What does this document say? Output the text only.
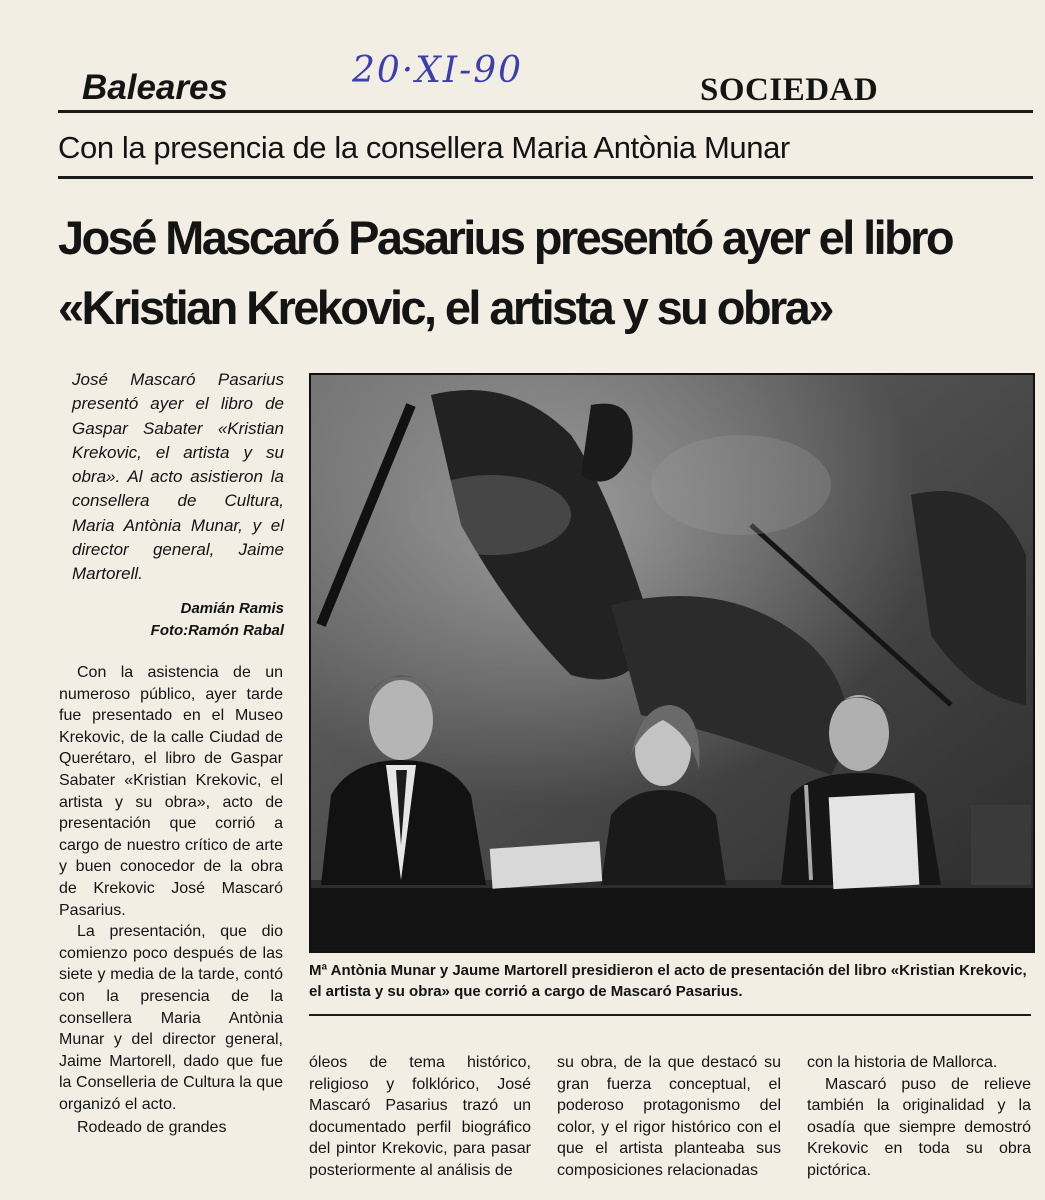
Baleares	20·XI-90	SOCIEDAD
Con la presencia de la consellera Maria Antònia Munar
José Mascaró Pasarius presentó ayer el libro
«Kristian Krekovic, el artista y su obra»
José Mascaró Pasarius presentó ayer el libro de Gaspar Sabater «Kristian Krekovic, el artista y su obra». Al acto asistieron la consellera de Cultura, Maria Antònia Munar, y el director general, Jaime Martorell.
Damián Ramis
Foto:Ramón Rabal

Con la asistencia de un numeroso público, ayer tarde fue presentado en el Museo Krekovic, de la calle Ciudad de Querétaro, el libro de Gaspar Sabater «Kristian Krekovic, el artista y su obra», acto de presentación que corrió a cargo de nuestro crítico de arte y buen conocedor de la obra de Krekovic José Mascaró Pasarius.

La presentación, que dio comienzo poco después de las siete y media de la tarde, contó con la presencia de la consellera Maria Antònia Munar y del director general, Jaime Martorell, dado que fue la Conselleria de Cultura la que organizó el acto.

Rodeado de grandes

Mª Antònia Munar y Jaume Martorell presidieron el acto de presentación del libro «Kristian Krekovic, el artista y su obra» que corrió a cargo de Mascaró Pasarius.

óleos de tema histórico, religioso y folklórico, José Mascaró Pasarius trazó un documentado perfil biográfico del pintor Krekovic, para pasar posteriormente al análisis de

su obra, de la que destacó su gran fuerza conceptual, el poderoso protagonismo del color, y el rigor histórico con el que el artista planteaba sus composiciones relacionadas

con la historia de Mallorca.

Mascaró puso de relieve también la originalidad y la osadía que siempre demostró Krekovic en toda su obra pictórica.
